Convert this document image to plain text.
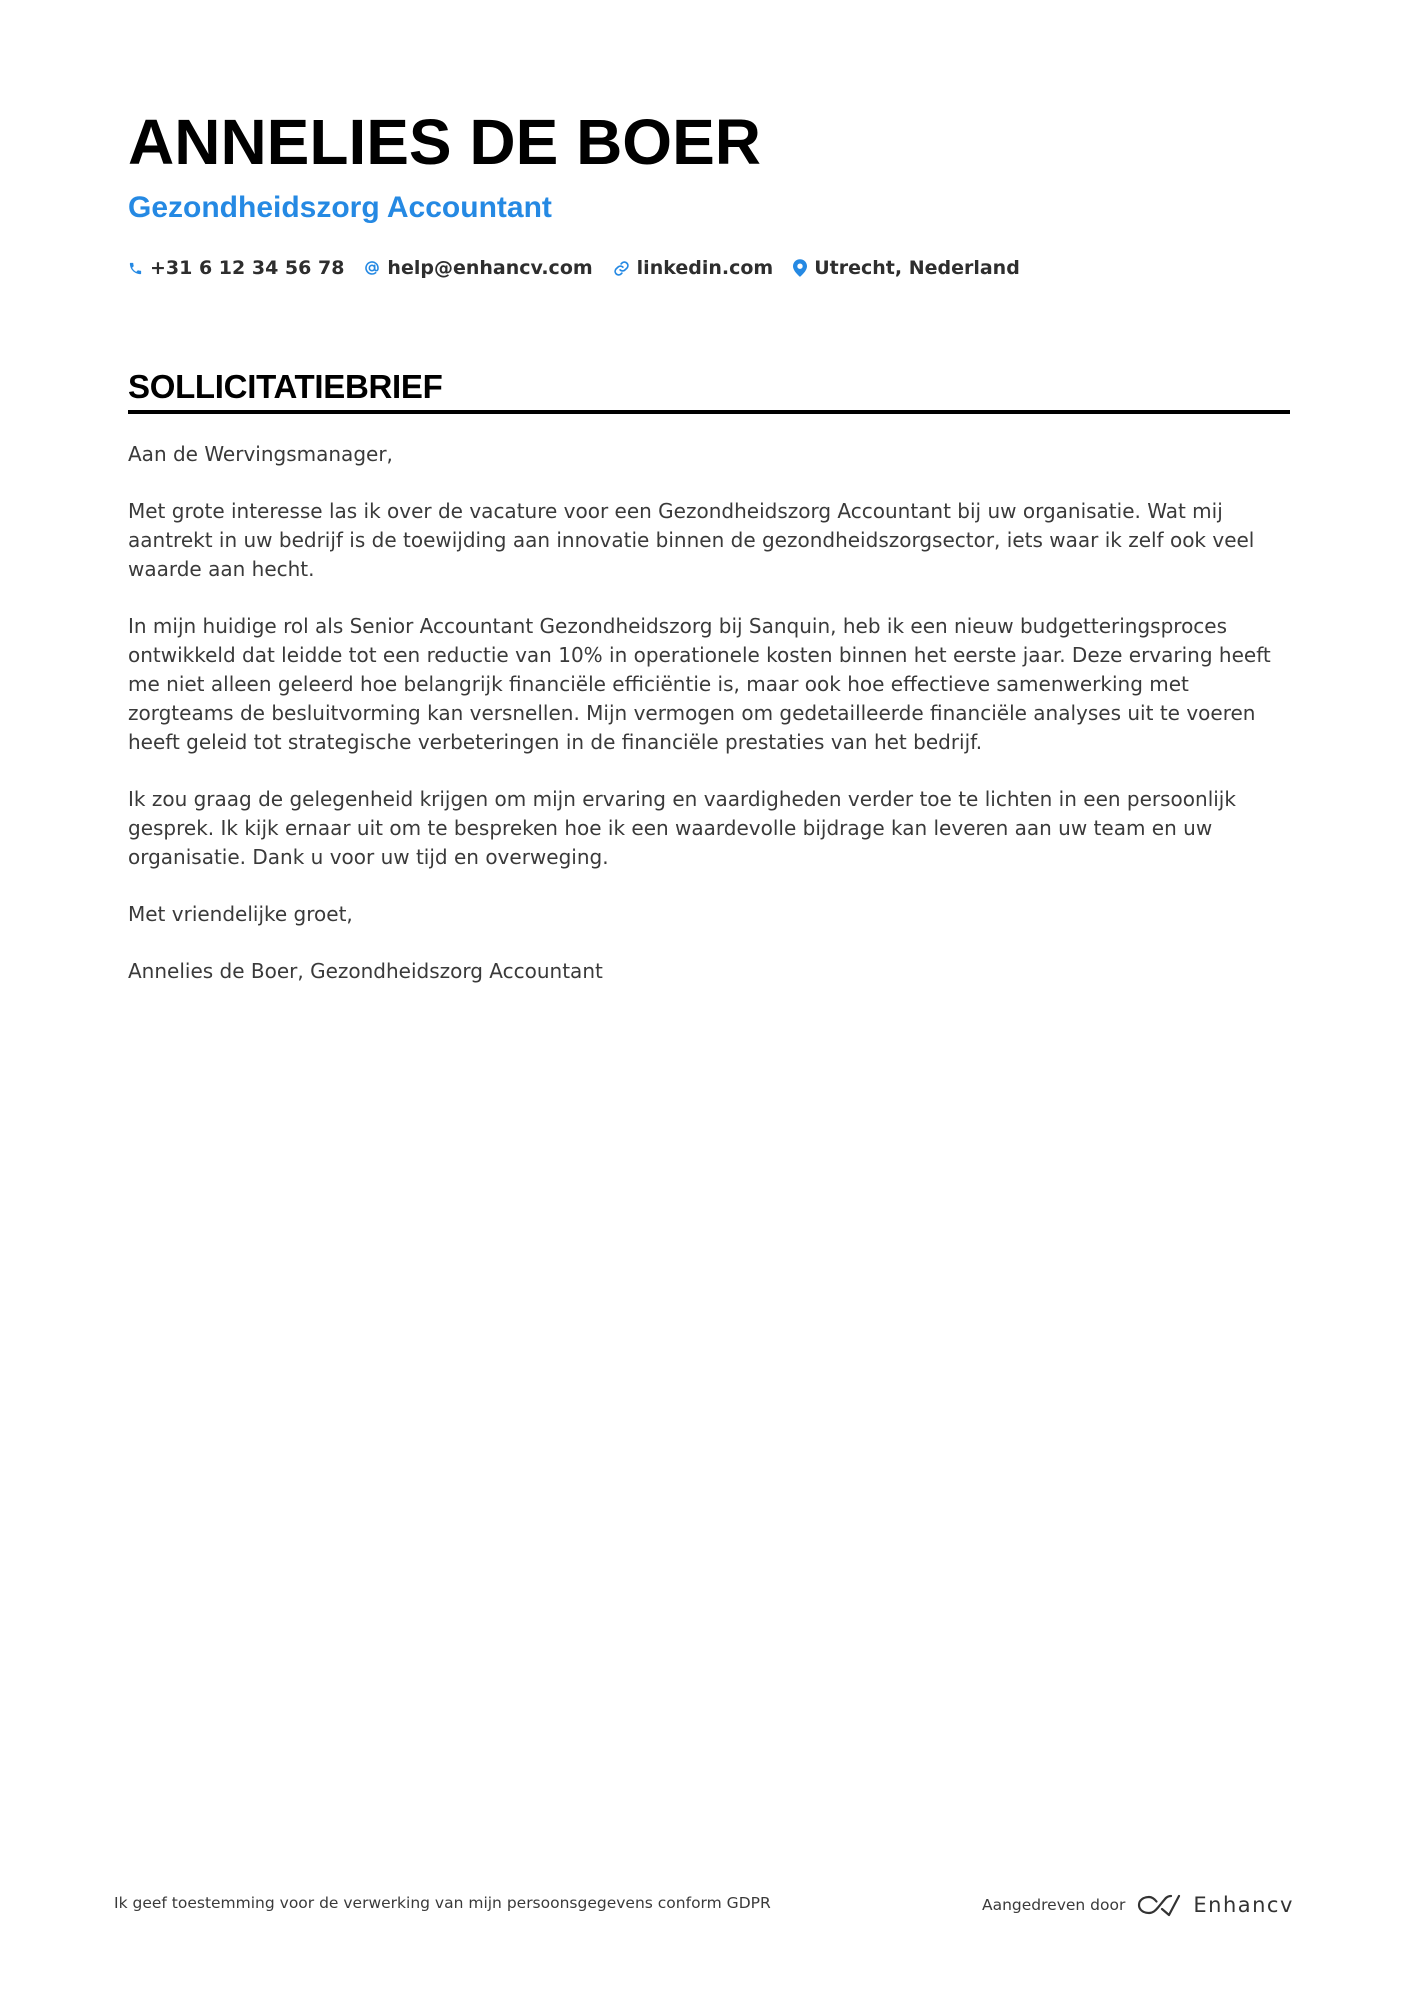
ANNELIES DE BOER
Gezondheidszorg Accountant
+31 6 12 34 56 78 help@enhancv.com linkedin.com Utrecht, Nederland
SOLLICITATIEBRIEF

Aan de Wervingsmanager,

Met grote interesse las ik over de vacature voor een Gezondheidszorg Accountant bij uw organisatie. Wat mij aantrekt in uw bedrijf is de toewijding aan innovatie binnen de gezondheidszorgsector, iets waar ik zelf ook veel waarde aan hecht.

In mijn huidige rol als Senior Accountant Gezondheidszorg bij Sanquin, heb ik een nieuw budgetteringsproces ontwikkeld dat leidde tot een reductie van 10% in operationele kosten binnen het eerste jaar. Deze ervaring heeft me niet alleen geleerd hoe belangrijk financiële efficiëntie is, maar ook hoe effectieve samenwerking met zorgteams de besluitvorming kan versnellen. Mijn vermogen om gedetailleerde financiële analyses uit te voeren heeft geleid tot strategische verbeteringen in de financiële prestaties van het bedrijf.

Ik zou graag de gelegenheid krijgen om mijn ervaring en vaardigheden verder toe te lichten in een persoonlijk gesprek. Ik kijk ernaar uit om te bespreken hoe ik een waardevolle bijdrage kan leveren aan uw team en uw organisatie. Dank u voor uw tijd en overweging.

Met vriendelijke groet,

Annelies de Boer, Gezondheidszorg Accountant

Ik geef toestemming voor de verwerking van mijn persoonsgegevens conform GDPR	Aangedreven door	Enhancv
